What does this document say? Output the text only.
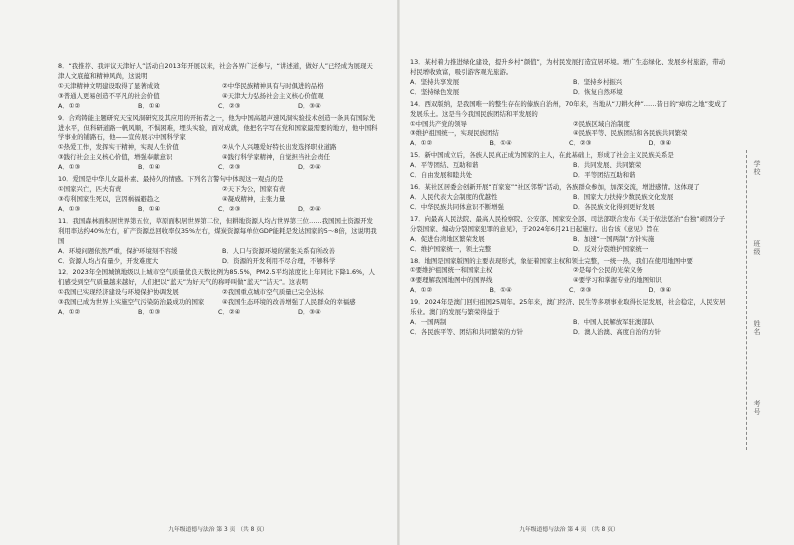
8．“我推荐、我评议天津好人”活动自2013年开展以来，社会各界广泛参与，“讲述道，做好人”已经成为展现天津人文底蕴和精神风尚，这说明
①天津精神文明建设取得了显著成效	②中华民族精神具有与时俱进的品格
③普通人更易创造不平凡的社会价值	④天津大力弘扬社会主义核心价值观
A．①②	B．①④	C．②③	D．③④
9．合鸡铸能主题研究天宝风洞研究及其应用的开拓者之一，他为中国高超声速风洞实验技术创造一条具有国际先进水平，但科研道路一帆风顺，不惧困难，埋头实验，面对成就，他把名字写在党和国家最需要的地方，他中国科学事业的铺路石，他——宣传展示中国科学家
①热爱工作，发挥实干精神，实现人生价值	②从个人兴趣爱好特长出发选择职业道路
③践行社会主义核心价值，增强奉献意识	④践行科学家精神，自觉担当社会责任
A．①③	B．①④	C．②③	D．②④
10．爱国是中华儿女最朴素、最持久的情感。下列名言警句中体现这一观点的是
①国家兴亡，匹夫有责	②天下为公，国家有责
③苟利国家生死以，岂因祸福避趋之	④凝成精神，主张力量
A．①③	B．①④	C．②③	D．②④
11．我国森林面积居世界第五位，草原面积居世界第二位，但耕地资源人均占世界第三位……我国国土资源开发利用率达约40%左右，矿产资源总回收率仅35%左右，煤炭资源每单位GDP能耗是发达国家的5～8倍，这说明我国
A．环境问题依然严重，保护环境刻不容缓	B．人口与资源环境的紧张关系有所改善
C．资源人均占有量少，开发难度大	D．资源的开发利用不尽合理，不够科学
12．2023年全国城镇地级以上城市空气质量优良天数比例为85.5%，PM2.5平均浓度比上年同比下降1.6%，人们感受到空气质量越来越好，人们把以“蓝天”为好天气的称呼叫做“蓝天”“洁天”。这表明
①我国已实现经济建设与环境保护协调发展	②我国重点城市空气质量已完全达标
③我国已成为世界上实施空气污染防治最成功的国家	④我国生态环境的改善增强了人民群众的幸福感
A．①②	B．①③	C．②④	D．③④
九年级道德与法治 第 3 页 （共 8 页）
13．某村着力推进绿化建设，提升乡村“颜值”，为村民发展打造宜居环境。增广生态绿化、发展乡村旅游，带动村民增收致富，吸引游客观光旅游。
A．坚持共享发展	B．坚持乡村振兴
C．坚持绿色发展	D．恢复自然环境
14．西双版纳，是我国唯一的整生存在的傣族自治州，70年来，当地从“刀耕火种”……昔日的“瘴疠之地”变成了发展乐土。这是当今我国民族团结和平发展的
①中国共产党的领导	②民族区域自治制度
③维护祖国统一，实现民族团结	④民族平等、民族团结和各民族共同繁荣
A．①②	B．①④	C．②③	D．③④
15．新中国成立后，各族人民真正成为国家的主人，在此基础上，形成了社会主义民族关系是
A．平等团结、互助和谐	B．共同发展、共同繁荣
C．自由发展和睦共处	D．平等团结互助和谐
16．某社区居委会创新开展“百家宴”“社区邻帮”活动，各族群众参加，加深交流，增进感情。这体现了
A．人民代表大会制度的优越性	B．国家大力扶持少数民族文化发展
C．中华民族共同体意识不断增强	D．各民族文化得到更好发展
17．向最高人民法院、最高人民检察院、公安部、国家安全部、司法部联合发布《关于依法惩治“台独”顽固分子分裂国家、煽动分裂国家犯罪的意见》，于2024年6月21日起施行。出台该《意见》旨在
A．促进台湾地区繁荣发展	B．加速“一国两制”方针实施
C．维护国家统一，领土完整	D．反对分裂维护国家统一
18．地图是国家版图的主要表现形式，象征着国家主权和领土完整，一统一热，我们在使用地图中要
①要维护祖国统一和国家主权	②是每个公民的光荣义务
③要理解我国地图中的国界线	④要学习和掌握专业的地图知识
A．①②	B．①④	C．②③	D．③④
19．2024年是澳门回归祖国25周年。25年来，澳门经济、民生等多项事业取得长足发展，社会稳定，人民安居乐业。澳门的发展与繁荣得益于
A．一国两制	B．中国人民解放军驻澳部队
C．各民族平等、团结和共同繁荣的方针	D．澳人治澳、高度自治的方针
九年级道德与法治 第 4 页 （共 8 页）
学校
班级
姓名
考号
